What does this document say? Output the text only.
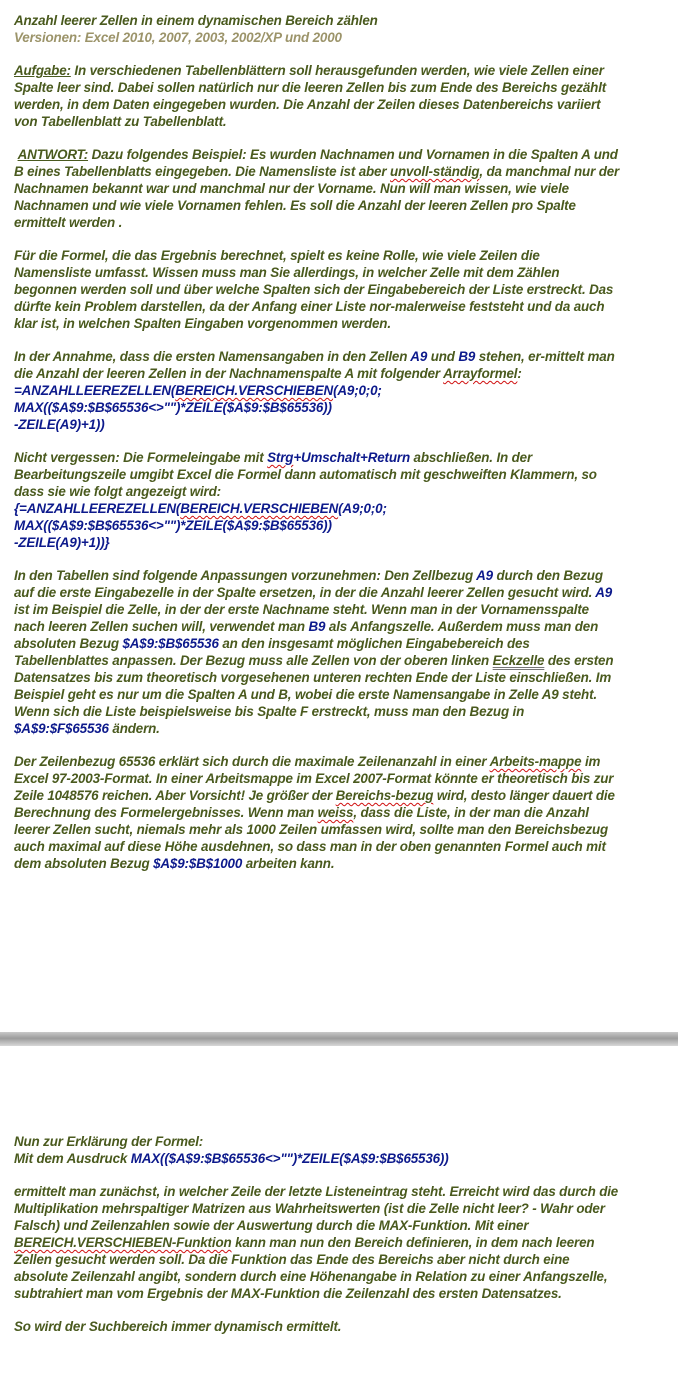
Anzahl leerer Zellen in einem dynamischen Bereich zählen

Versionen: Excel 2010, 2007, 2003, 2002/XP und 2000

Aufgabe: In verschiedenen Tabellenblättern soll herausgefunden werden, wie viele Zellen einer Spalte leer sind. Dabei sollen natürlich nur die leeren Zellen bis zum Ende des Bereichs gezählt werden, in dem Daten eingegeben wurden. Die Anzahl der Zeilen dieses Datenbereichs variiert von Tabellenblatt zu Tabellenblatt.

ANTWORT: Dazu folgendes Beispiel: Es wurden Nachnamen und Vornamen in die Spalten A und B eines Tabellenblatts eingegeben. Die Namensliste ist aber unvoll-ständig, da manchmal nur der Nachnamen bekannt war und manchmal nur der Vorname. Nun will man wissen, wie viele Nachnamen und wie viele Vornamen fehlen. Es soll die Anzahl der leeren Zellen pro Spalte ermittelt werden .

Für die Formel, die das Ergebnis berechnet, spielt es keine Rolle, wie viele Zeilen die Namensliste umfasst. Wissen muss man Sie allerdings, in welcher Zelle mit dem Zählen begonnen werden soll und über welche Spalten sich der Eingabebereich der Liste erstreckt. Das dürfte kein Problem darstellen, da der Anfang einer Liste nor-malerweise feststeht und da auch klar ist, in welchen Spalten Eingaben vorgenommen werden.

In der Annahme, dass die ersten Namensangaben in den Zellen A9 und B9 stehen, er-mittelt man die Anzahl der leeren Zellen in der Nachnamenspalte A mit folgender Arrayformel: =ANZAHLLEEREZELLEN(BEREICH.VERSCHIEBEN(A9;0;0;
MAX(($A$9:$B$65536<>"")*ZEILE($A$9:$B$65536))
-ZEILE(A9)+1))

Nicht vergessen: Die Formeleingabe mit Strg+Umschalt+Return abschließen. In der Bearbeitungszeile umgibt Excel die Formel dann automatisch mit geschweiften Klammern, so dass sie wie folgt angezeigt wird:
{=ANZAHLLEEREZELLEN(BEREICH.VERSCHIEBEN(A9;0;0;
MAX(($A$9:$B$65536<>"")*ZEILE($A$9:$B$65536))
-ZEILE(A9)+1))}

In den Tabellen sind folgende Anpassungen vorzunehmen: Den Zellbezug A9 durch den Bezug auf die erste Eingabezelle in der Spalte ersetzen, in der die Anzahl leerer Zellen gesucht wird. A9 ist im Beispiel die Zelle, in der der erste Nachname steht. Wenn man in der Vornamensspalte nach leeren Zellen suchen will, verwendet man B9 als Anfangszelle. Außerdem muss man den absoluten Bezug $A$9:$B$65536 an den insgesamt möglichen Eingabebereich des Tabellenblattes anpassen. Der Bezug muss alle Zellen von der oberen linken Eckzelle des ersten Datensatzes bis zum theoretisch vorgesehenen unteren rechten Ende der Liste einschließen. Im Beispiel geht es nur um die Spalten A und B, wobei die erste Namensangabe in Zelle A9 steht. Wenn sich die Liste beispielsweise bis Spalte F erstreckt, muss man den Bezug in $A$9:$F$65536 ändern.

Der Zeilenbezug 65536 erklärt sich durch die maximale Zeilenanzahl in einer Arbeits-mappe im Excel 97-2003-Format. In einer Arbeitsmappe im Excel 2007-Format könnte er theoretisch bis zur Zeile 1048576 reichen. Aber Vorsicht! Je größer der Bereichs-bezug wird, desto länger dauert die Berechnung des Formelergebnisses. Wenn man weiss, dass die Liste, in der man die Anzahl leerer Zellen sucht, niemals mehr als 1000 Zeilen umfassen wird, sollte man den Bereichsbezug auch maximal auf diese Höhe ausdehnen, so dass man in der oben genannten Formel auch mit dem absoluten Bezug $A$9:$B$1000 arbeiten kann.

Nun zur Erklärung der Formel:
Mit dem Ausdruck MAX(($A$9:$B$65536<>"")*ZEILE($A$9:$B$65536))

ermittelt man zunächst, in welcher Zeile der letzte Listeneintrag steht. Erreicht wird das durch die Multiplikation mehrspaltiger Matrizen aus Wahrheitswerten (ist die Zelle nicht leer? - Wahr oder Falsch) und Zeilenzahlen sowie der Auswertung durch die MAX-Funktion. Mit einer BEREICH.VERSCHIEBEN-Funktion kann man nun den Bereich definieren, in dem nach leeren Zellen gesucht werden soll. Da die Funktion das Ende des Bereichs aber nicht durch eine absolute Zeilenzahl angibt, sondern durch eine Höhenangabe in Relation zu einer Anfangszelle, subtrahiert man vom Ergebnis der MAX-Funktion die Zeilenzahl des ersten Datensatzes.

So wird der Suchbereich immer dynamisch ermittelt.
